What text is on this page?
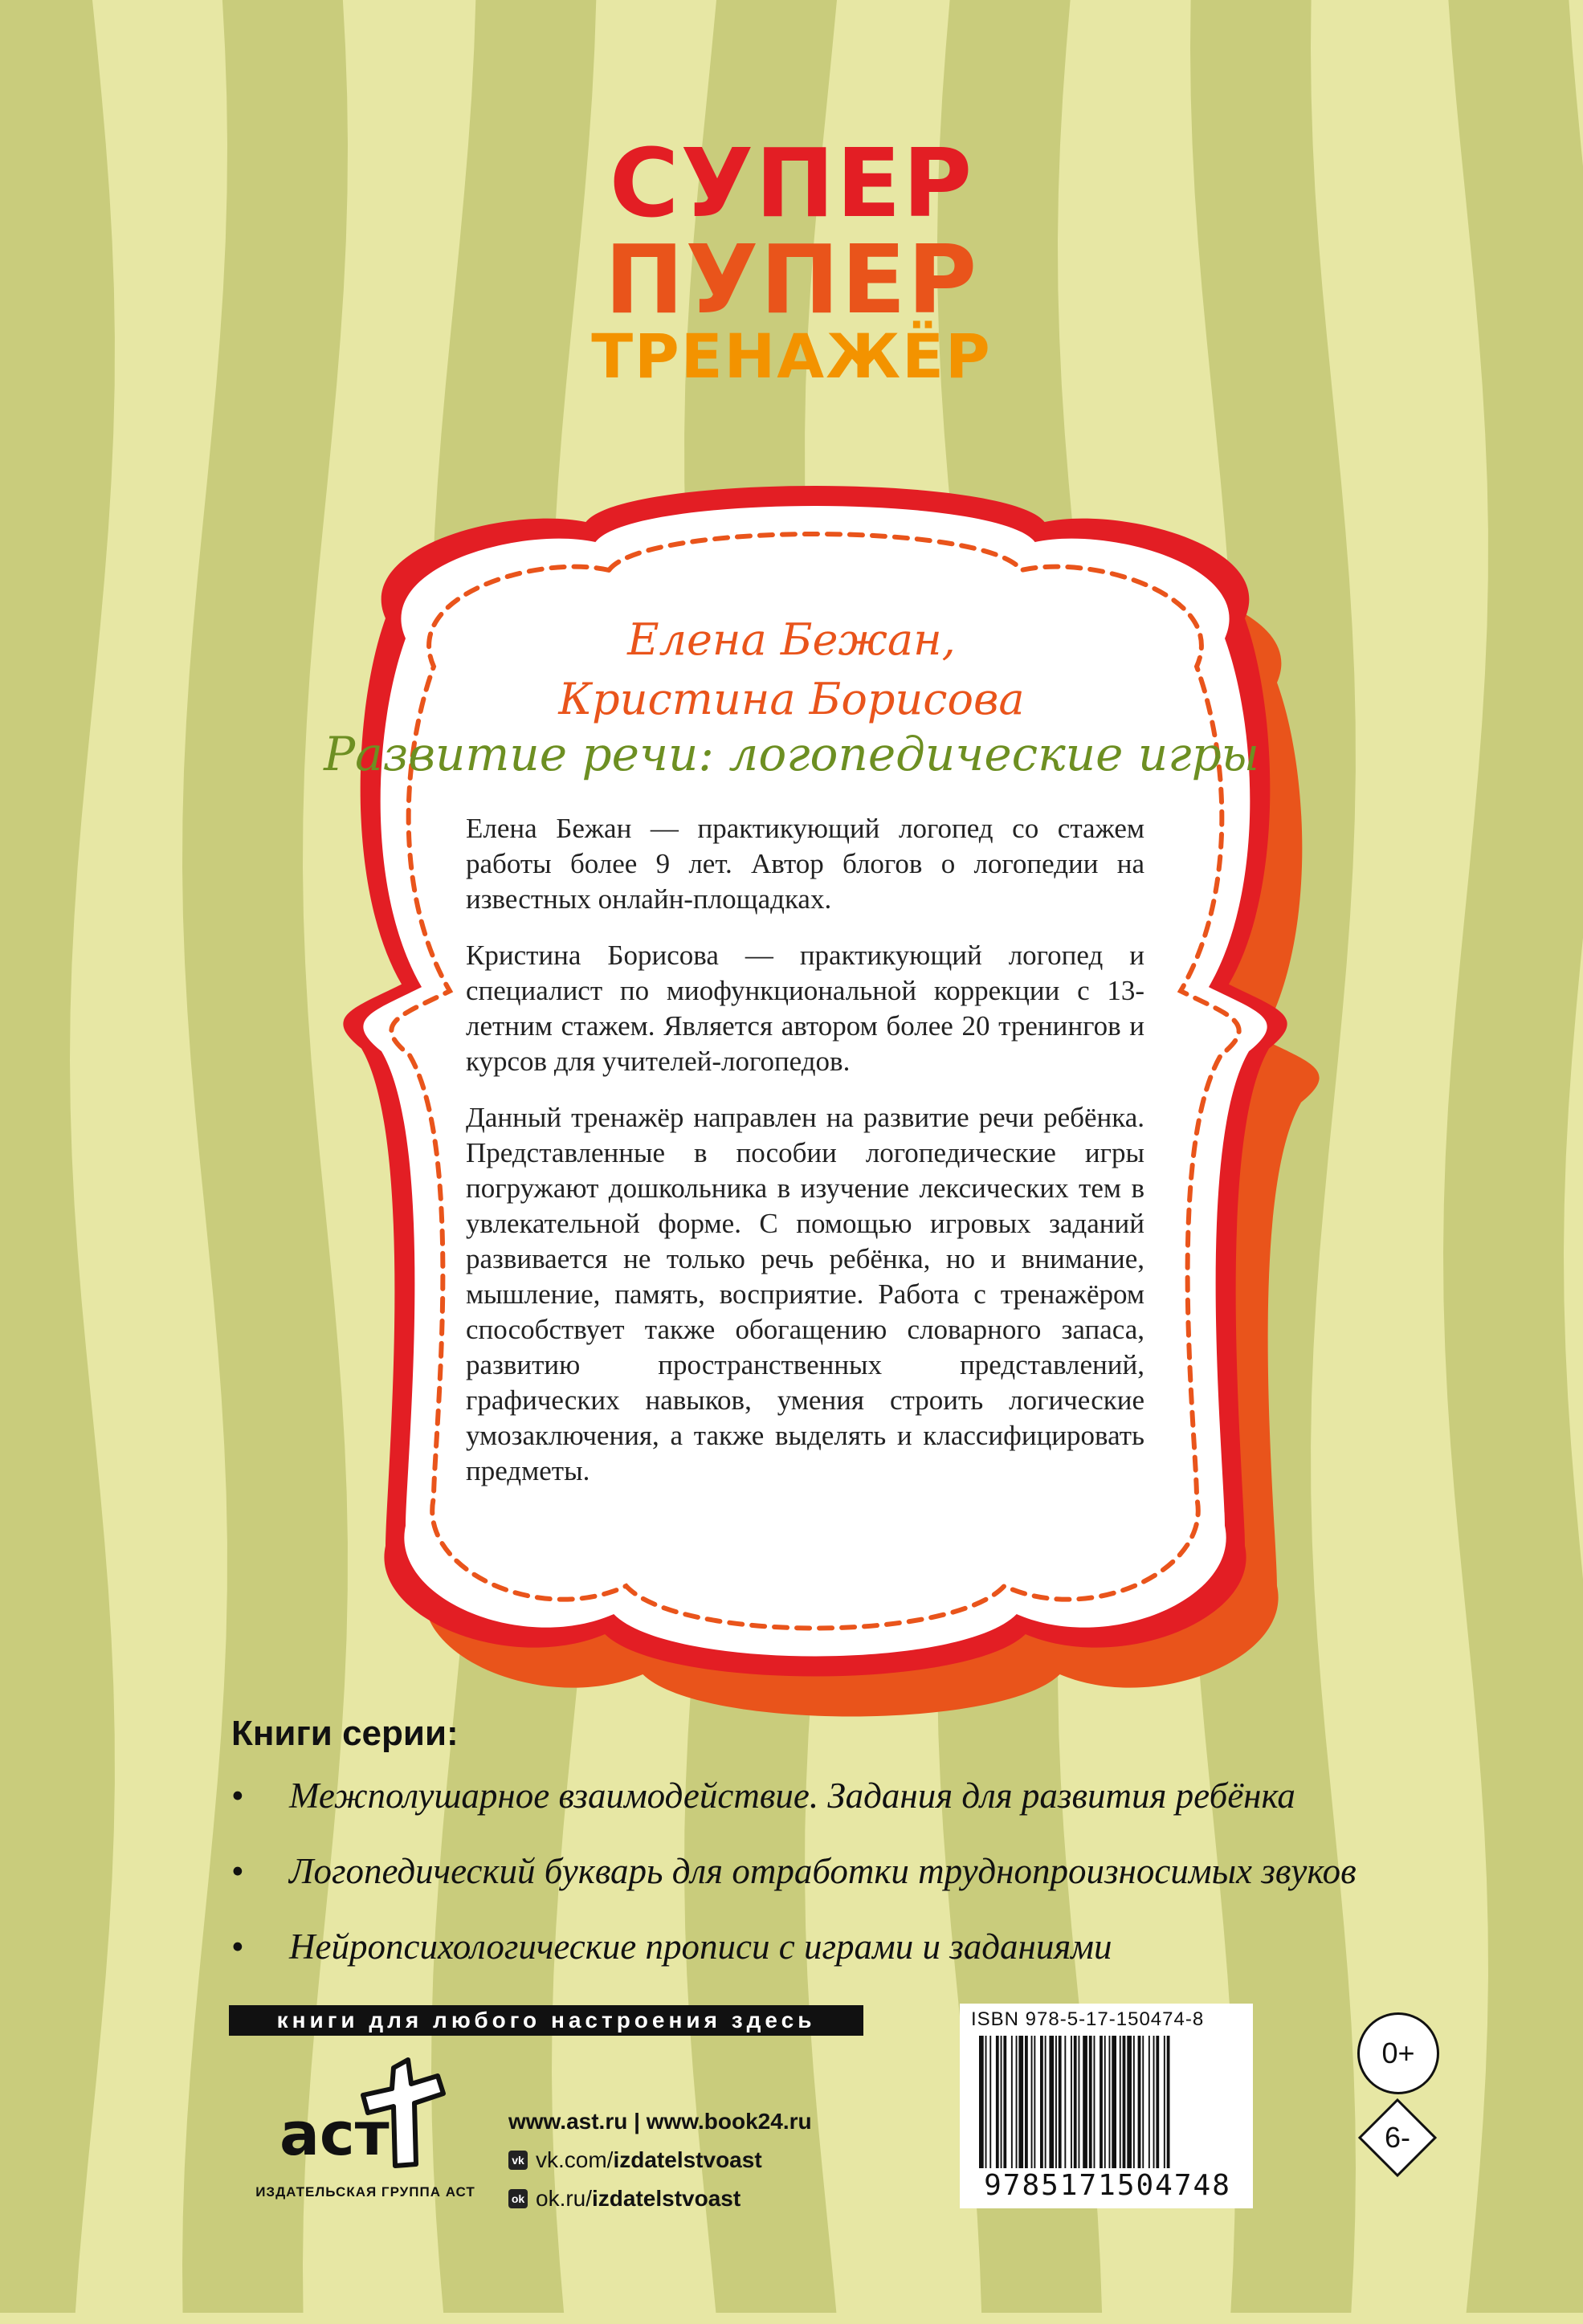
СУПЕР
ПУПЕР
ТРЕНАЖЁР
Елена Бежан,
Кристина Борисова
Развитие речи: логопедические игры

Елена Бежан — практикующий логопед со стажем работы более 9 лет. Автор блогов о логопедии на известных онлайн-площадках.

Кристина Борисова — практикующий логопед и специалист по миофункциональной коррекции с 13-летним стажем. Является автором более 20 тренингов и курсов для учителей-логопедов.

Данный тренажёр направлен на развитие речи ребёнка. Представленные в пособии логопедические игры погружают дошкольника в изучение лексических тем в увлекательной форме. С помощью игровых заданий развивается не только речь ребёнка, но и внимание, мышление, память, восприятие. Работа с тренажёром способствует также обогащению словарного запаса, развитию пространственных представлений, графических навыков, умения строить логические умозаключения, а также выделять и классифицировать предметы.

Книги серии:
• Межполушарное взаимодействие. Задания для развития ребёнка
• Логопедический букварь для отработки труднопроизносимых звуков
• Нейропсихологические прописи с играми и заданиями
книги для любого настроения здесь
аст
ИЗДАТЕЛЬСКАЯ ГРУППА АСТ
www.ast.ru | www.book24.ru
vk vk.com/ izdatelstvoast
ok ok.ru/ izdatelstvoast
ISBN 978-5-17-150474-8
9785171504748
0+
6-
